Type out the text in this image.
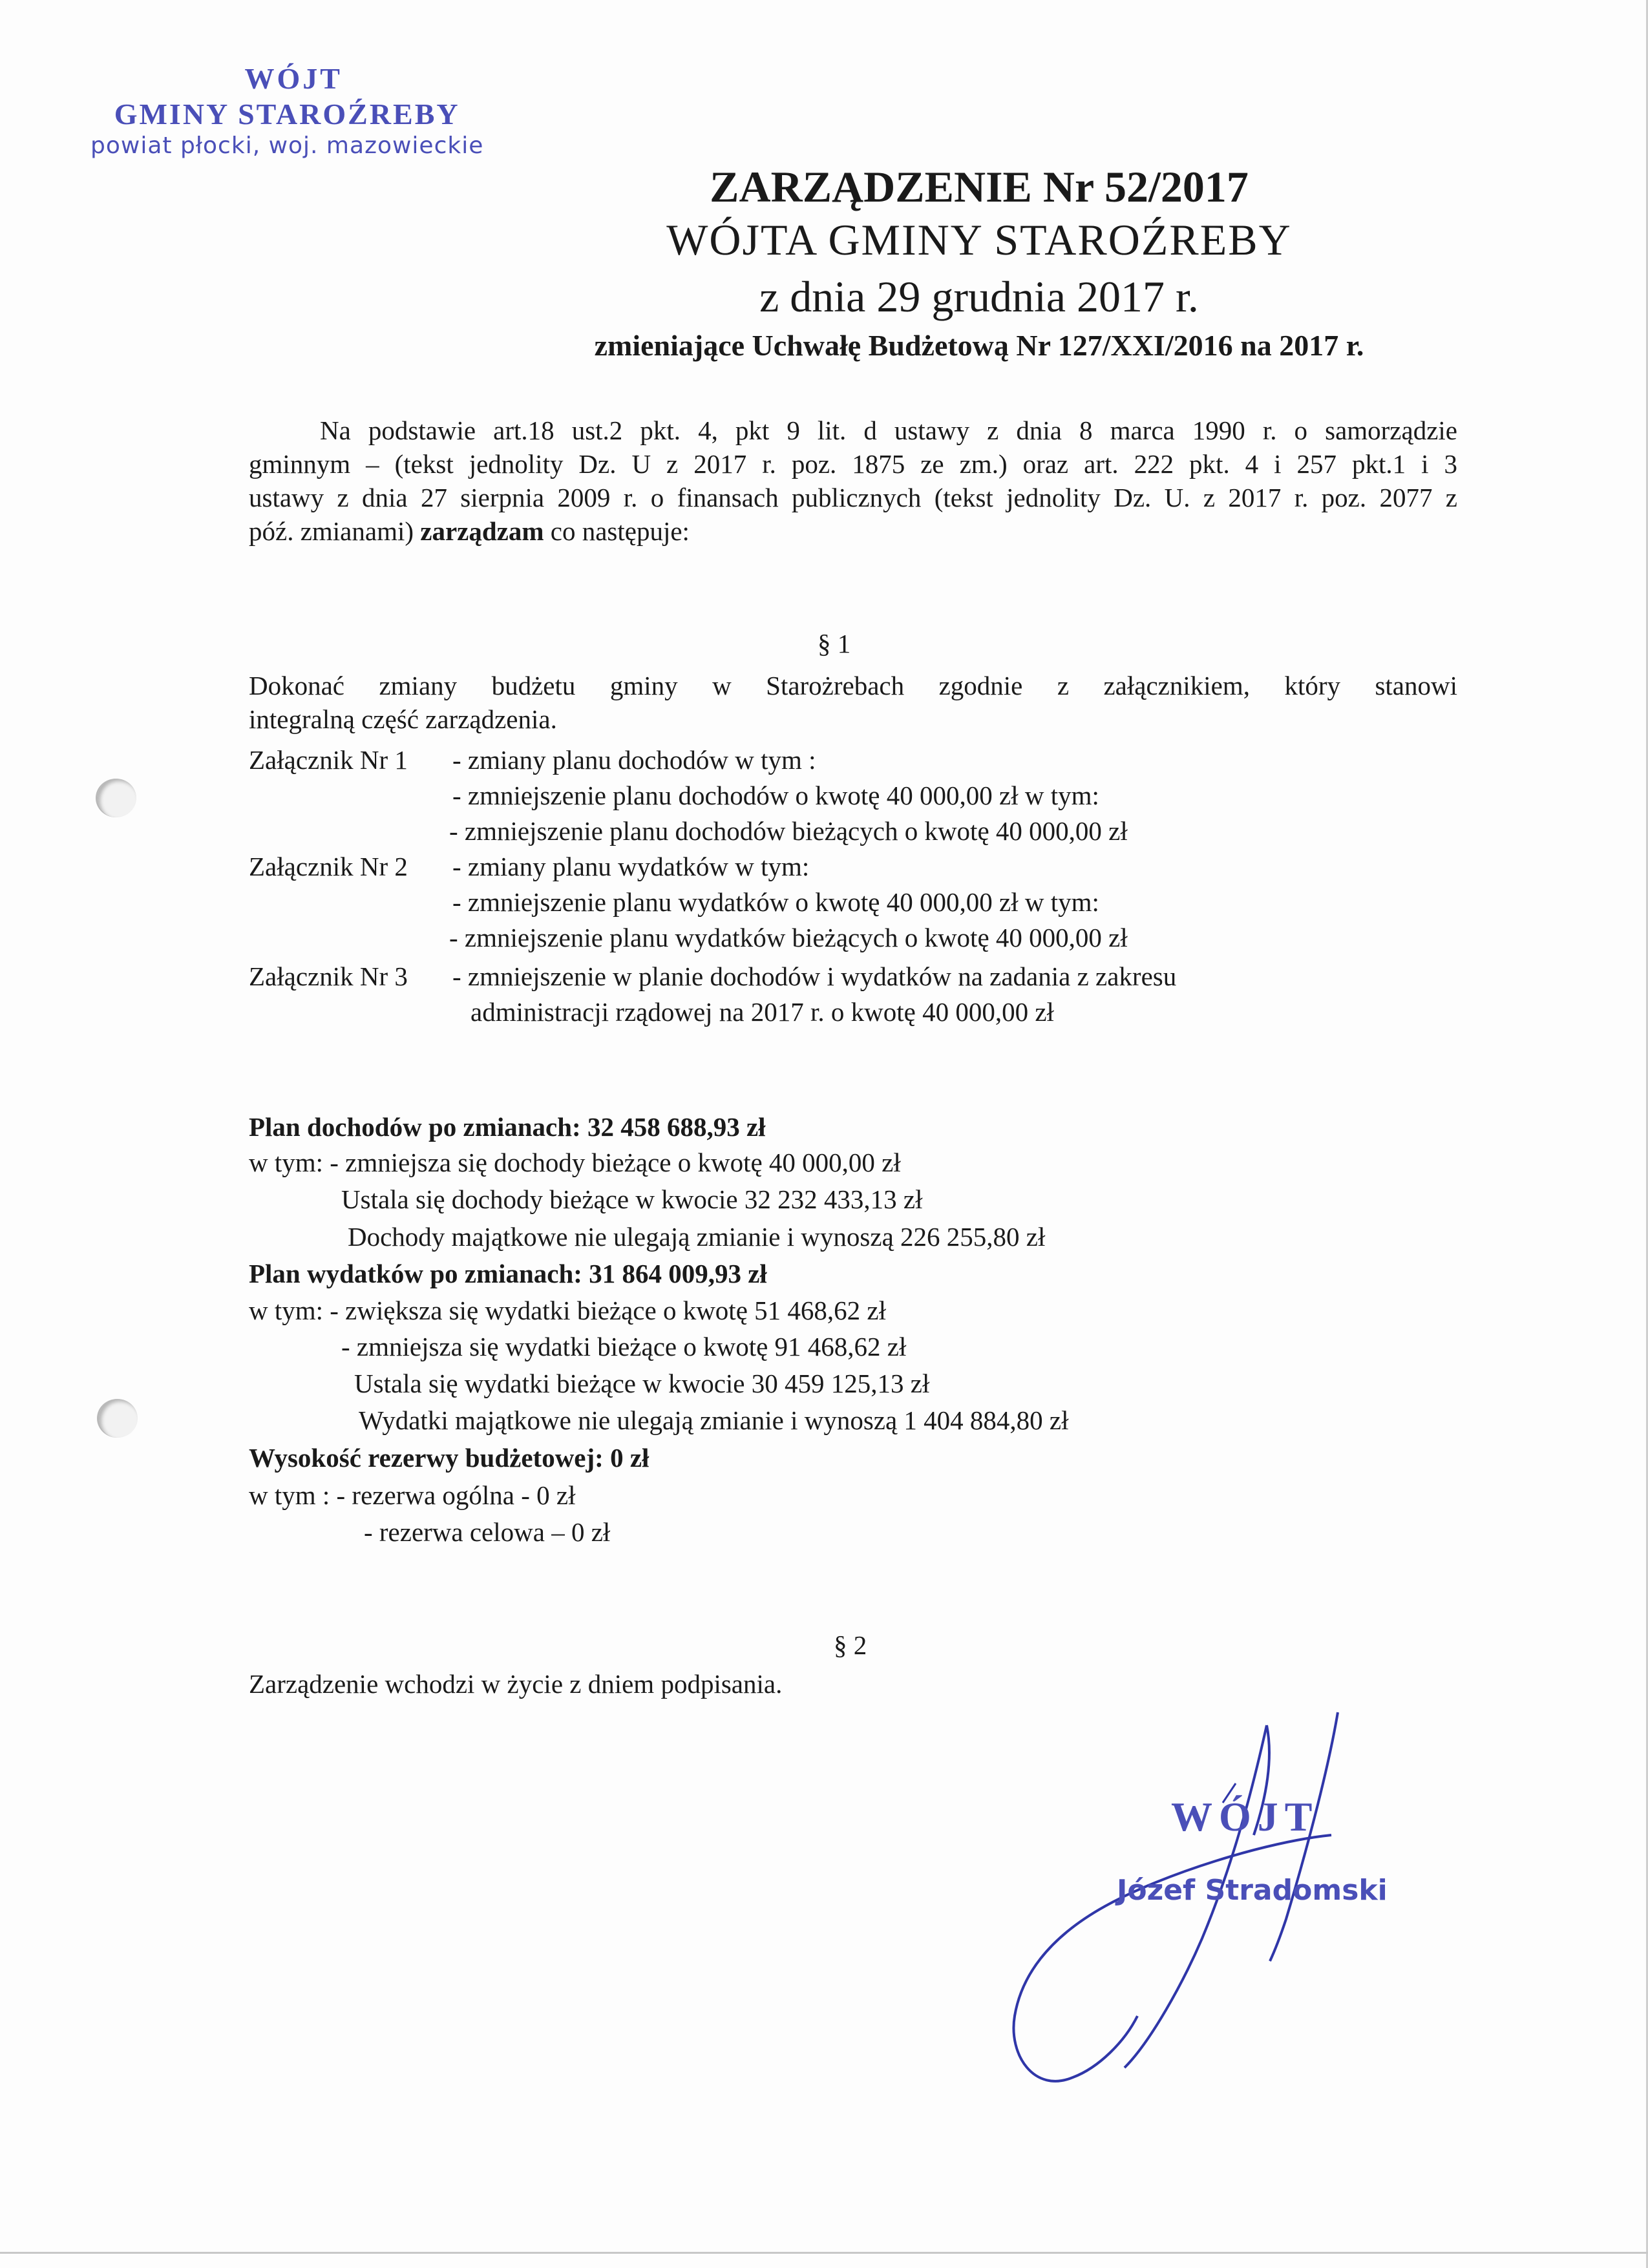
WÓJT
GMINY STAROŹREBY
powiat płocki, woj. mazowieckie
ZARZĄDZENIE Nr 52/2017
WÓJTA GMINY STAROŹREBY
z dnia 29 grudnia 2017 r.
zmieniające Uchwałę Budżetową Nr 127/XXI/2016 na 2017 r.
Na podstawie art.18 ust.2 pkt. 4, pkt 9 lit. d ustawy z dnia 8 marca 1990 r. o samorządzie
gminnym – (tekst jednolity Dz. U z 2017 r. poz. 1875 ze zm.) oraz art. 222 pkt. 4 i 257 pkt.1 i 3
ustawy z dnia 27 sierpnia 2009 r. o finansach publicznych (tekst jednolity Dz. U. z 2017 r. poz. 2077 z
póź. zmianami) zarządzam co następuje:
§ 1
Dokonać zmiany budżetu gminy w Starożrebach zgodnie z załącznikiem, który stanowi
integralną część zarządzenia.
Załącznik Nr 1 - zmiany planu dochodów w tym :
- zmniejszenie planu dochodów o kwotę 40 000,00 zł w tym:
- zmniejszenie planu dochodów bieżących o kwotę 40 000,00 zł
Załącznik Nr 2 - zmiany planu wydatków w tym:
- zmniejszenie planu wydatków o kwotę 40 000,00 zł w tym:
- zmniejszenie planu wydatków bieżących o kwotę 40 000,00 zł
Załącznik Nr 3 - zmniejszenie w planie dochodów i wydatków na zadania z zakresu
administracji rządowej na 2017 r. o kwotę 40 000,00 zł
Plan dochodów po zmianach: 32 458 688,93 zł
w tym: - zmniejsza się dochody bieżące o kwotę 40 000,00 zł
Ustala się dochody bieżące w kwocie 32 232 433,13 zł
Dochody majątkowe nie ulegają zmianie i wynoszą 226 255,80 zł
Plan wydatków po zmianach: 31 864 009,93 zł
w tym: - zwiększa się wydatki bieżące o kwotę 51 468,62 zł
- zmniejsza się wydatki bieżące o kwotę 91 468,62 zł
Ustala się wydatki bieżące w kwocie 30 459 125,13 zł
Wydatki majątkowe nie ulegają zmianie i wynoszą 1 404 884,80 zł
Wysokość rezerwy budżetowej: 0 zł
w tym : - rezerwa ogólna - 0 zł
- rezerwa celowa – 0 zł
§ 2
Zarządzenie wchodzi w życie z dniem podpisania.
WÓJT
Józef Stradomski
